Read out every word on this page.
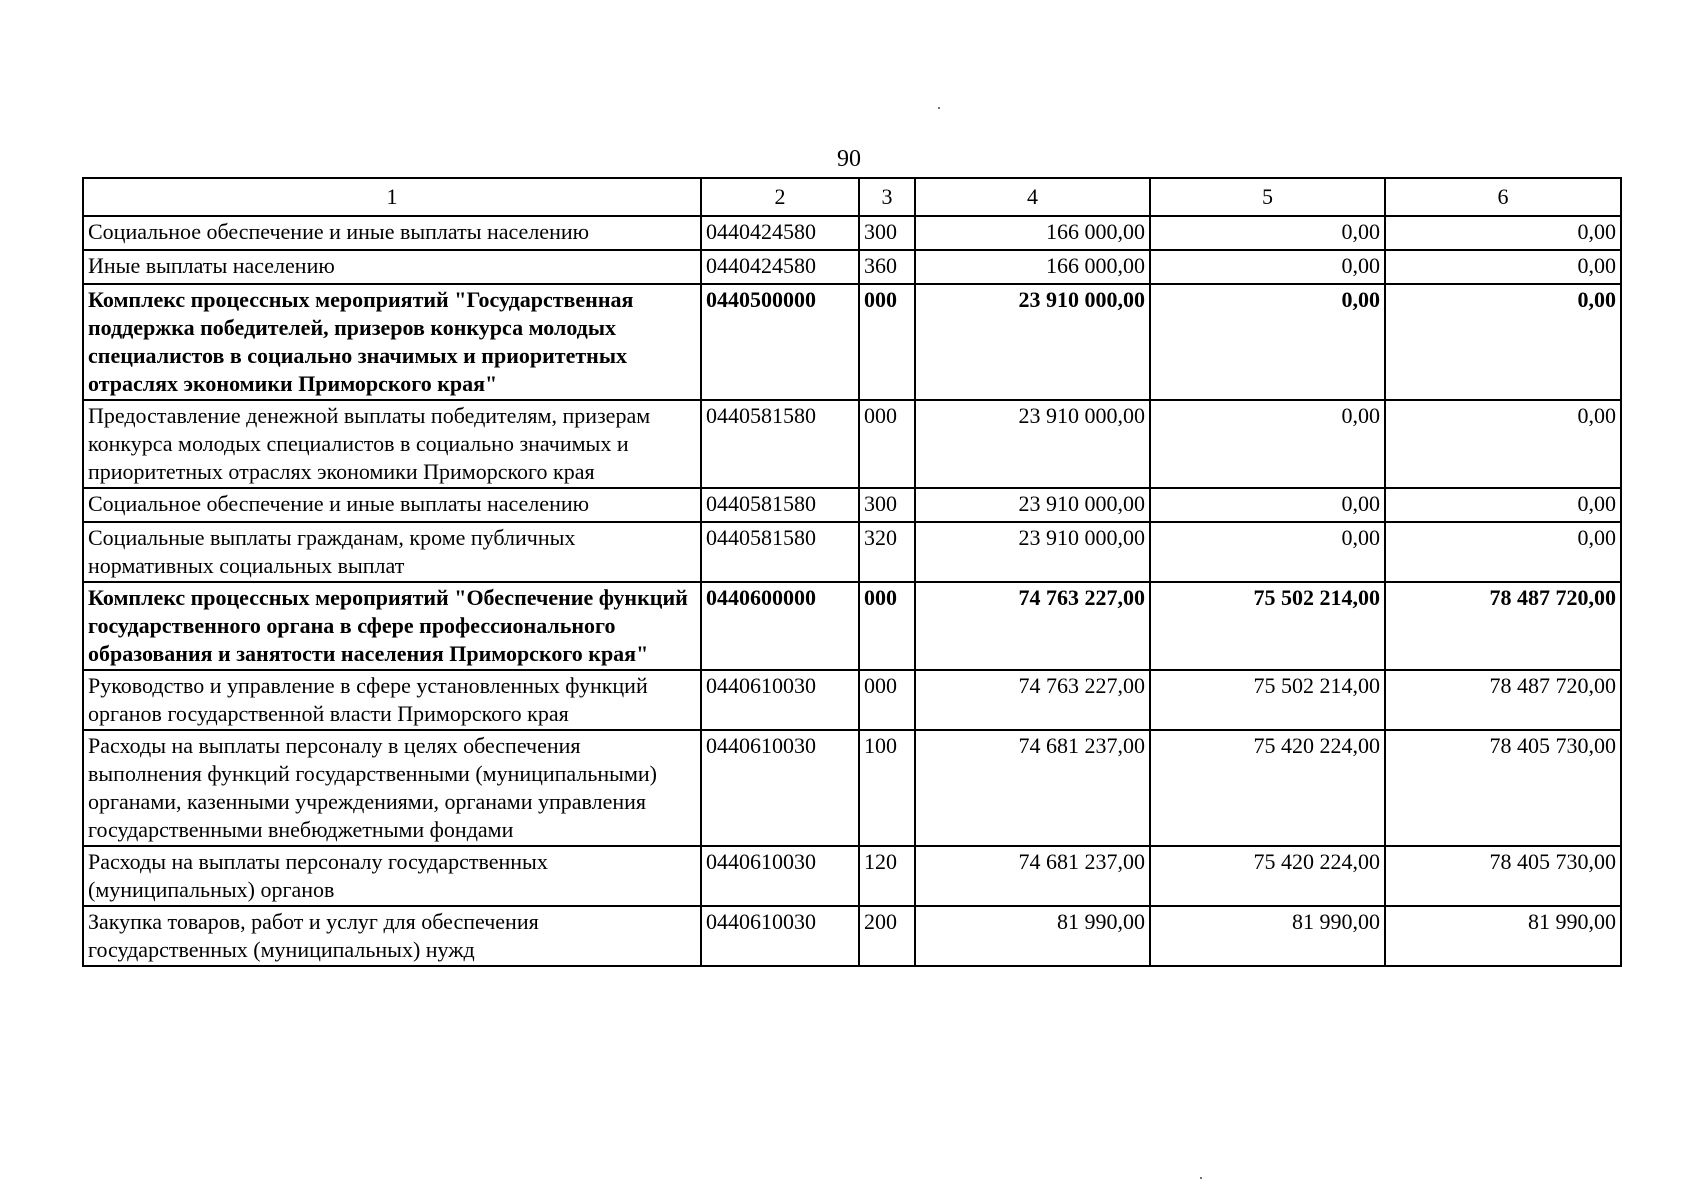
90
1	2	3	4	5	6
Социальное обеспечение и иные выплаты населению	0440424580	300	166 000,00	0,00	0,00
Иные выплаты населению	0440424580	360	166 000,00	0,00	0,00
Комплекс процессных мероприятий "Государственная поддержка победителей, призеров конкурса молодых специалистов в социально значимых и приоритетных отраслях экономики Приморского края"	0440500000	000	23 910 000,00	0,00	0,00
Предоставление денежной выплаты победителям, призерам конкурса молодых специалистов в социально значимых и приоритетных отраслях экономики Приморского края	0440581580	000	23 910 000,00	0,00	0,00
Социальное обеспечение и иные выплаты населению	0440581580	300	23 910 000,00	0,00	0,00
Социальные выплаты гражданам, кроме публичных нормативных социальных выплат	0440581580	320	23 910 000,00	0,00	0,00
Комплекс процессных мероприятий "Обеспечение функций государственного органа в сфере профессионального образования и занятости населения Приморского края"	0440600000	000	74 763 227,00	75 502 214,00	78 487 720,00
Руководство и управление в сфере установленных функций органов государственной власти Приморского края	0440610030	000	74 763 227,00	75 502 214,00	78 487 720,00
Расходы на выплаты персоналу в целях обеспечения выполнения функций государственными (муниципальными) органами, казенными учреждениями, органами управления государственными внебюджетными фондами	0440610030	100	74 681 237,00	75 420 224,00	78 405 730,00
Расходы на выплаты персоналу государственных (муниципальных) органов	0440610030	120	74 681 237,00	75 420 224,00	78 405 730,00
Закупка товаров, работ и услуг для обеспечения государственных (муниципальных) нужд	0440610030	200	81 990,00	81 990,00	81 990,00
